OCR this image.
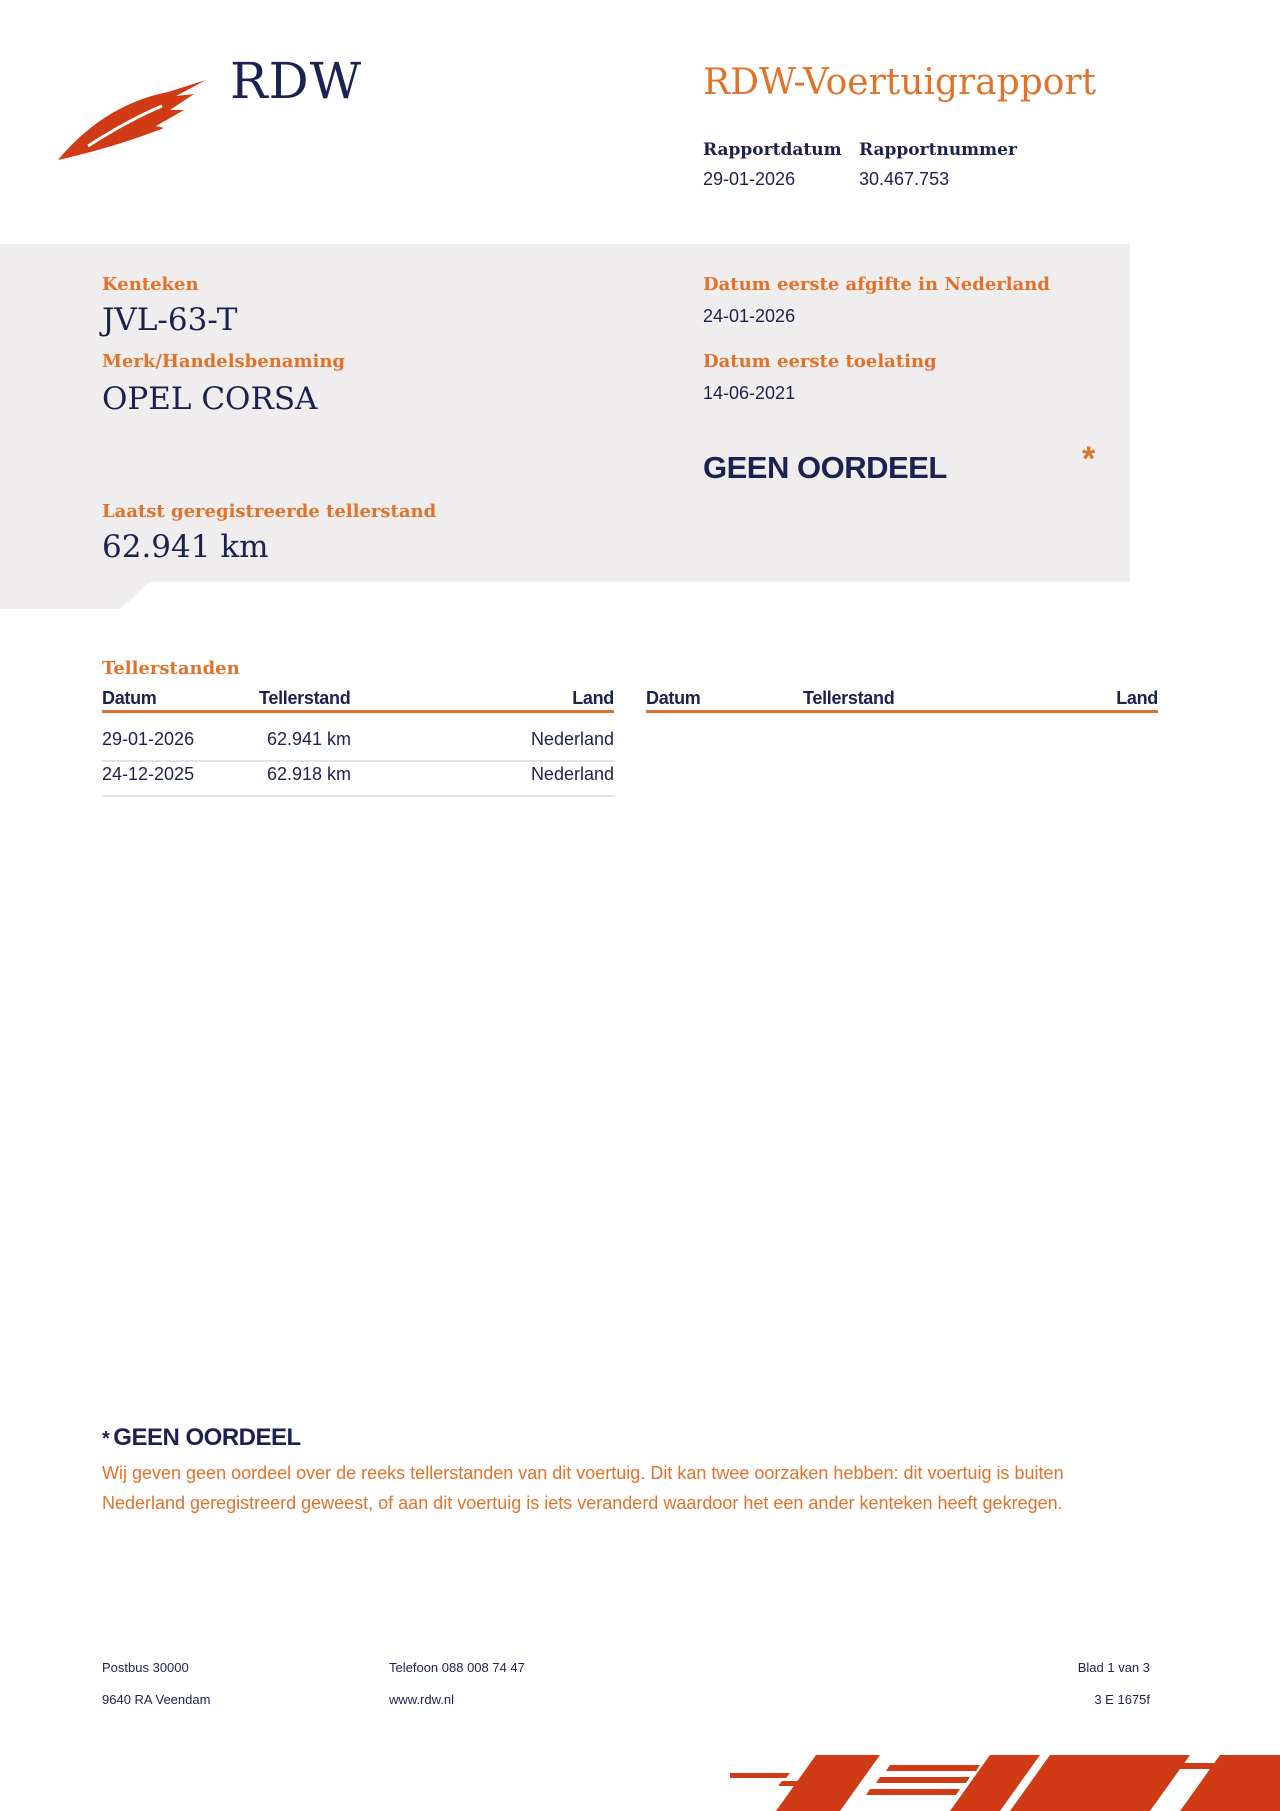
RDW	RDW-Voertuigrapport
Rapportdatum
29-01-2026
Rapportnummer
30.467.753
Kenteken
JVL-63-T
Merk/Handelsbenaming
OPEL CORSA
Datum eerste afgifte in Nederland
24-01-2026
Datum eerste toelating
14-06-2021
Laatst geregistreerde tellerstand
62.941 km
GEEN OORDEEL	*
Tellerstanden
Datum	Tellerstand	Land
29-01-2026	62.941 km	Nederland
24-12-2025	62.918 km	Nederland
Datum	Tellerstand	Land
* GEEN OORDEEL
Wij geven geen oordeel over de reeks tellerstanden van dit voertuig. Dit kan twee oorzaken hebben: dit voertuig is buiten Nederland geregistreerd geweest, of aan dit voertuig is iets veranderd waardoor het een ander kenteken heeft gekregen.
Postbus 30000
9640 RA Veendam
Telefoon 088 008 74 47
www.rdw.nl
Blad 1 van 3
3 E 1675f
